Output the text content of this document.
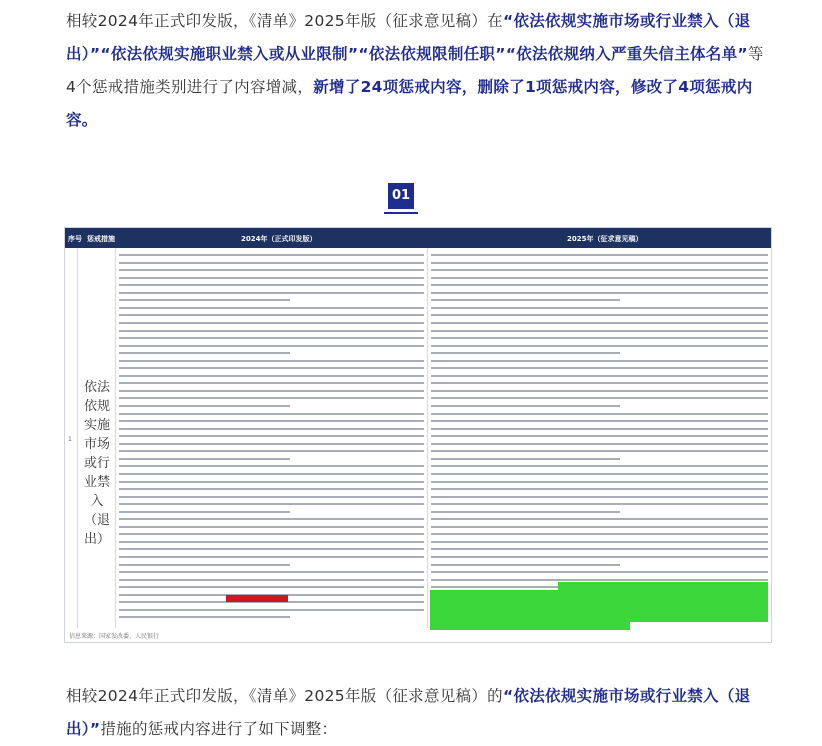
相较2024年正式印发版，《清单》2025年版（征求意见稿）在“依法依规实施市场或行业禁入（退出）”“依法依规实施职业禁入或从业限制”“依法依规限制任职”“依法依规纳入严重失信主体名单”等4个惩戒措施类别进行了内容增减，新增了24项惩戒内容，删除了1项惩戒内容，修改了4项惩戒内容。
01
序号 惩戒措施	2024年（正式印发版）	2025年（征求意见稿）
1
依法依规实施市场或行业禁入（退出）
信息来源：国家发改委、人民银行
相较2024年正式印发版，《清单》2025年版（征求意见稿）的“依法依规实施市场或行业禁入（退出）”措施的惩戒内容进行了如下调整：
